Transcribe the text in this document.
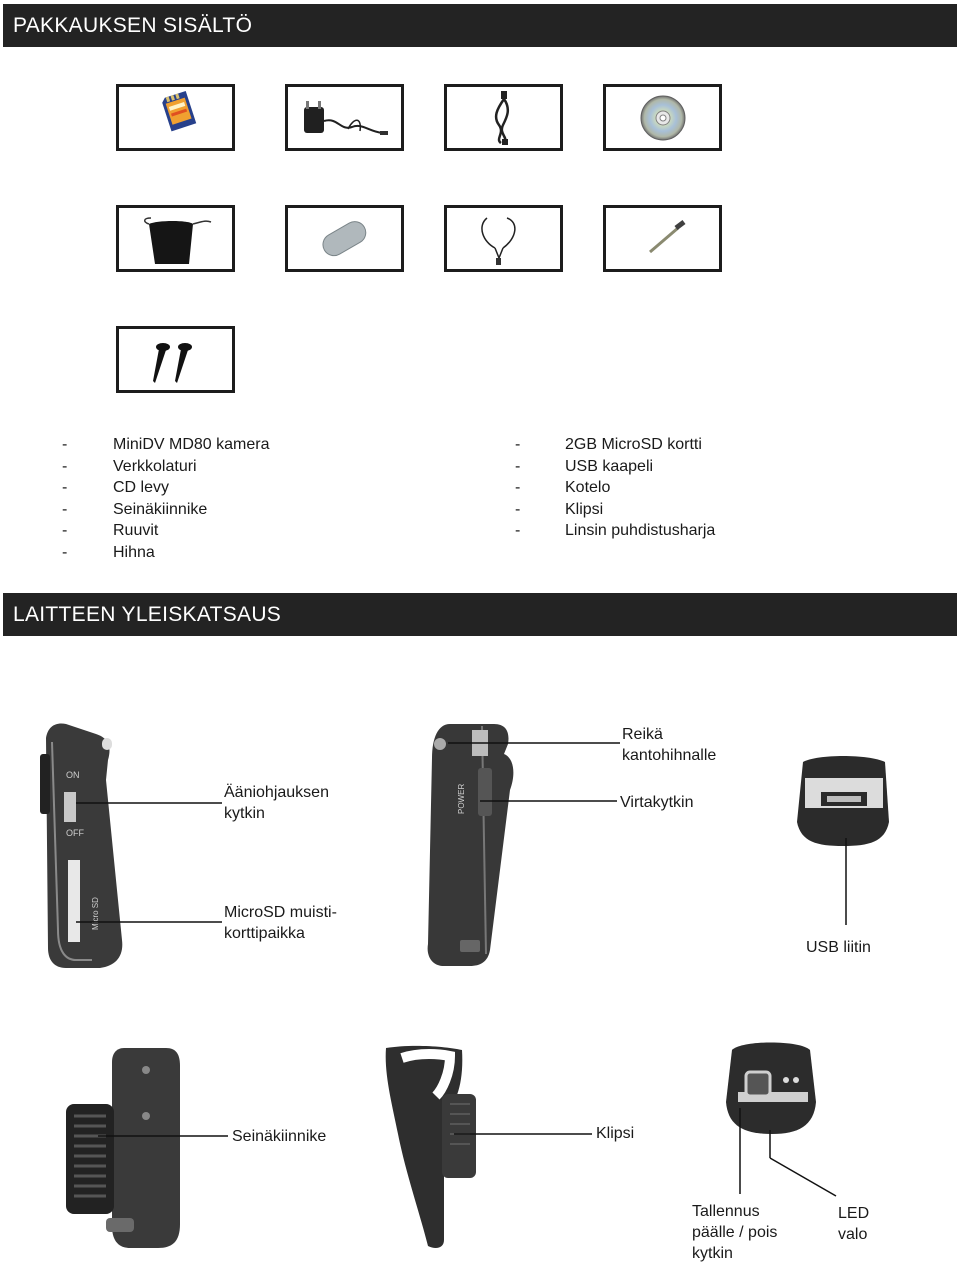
PAKKAUKSEN SISÄLTÖ
-	MiniDV MD80 kamera
-	Verkkolaturi
-	CD levy
-	Seinäkiinnike
-	Ruuvit
-	Hihna
-	2GB MicroSD kortti
-	USB kaapeli
-	Kotelo
-	Klipsi
-	Linsin puhdistusharja
LAITTEEN YLEISKATSAUS
ON
OFF
Micro SD
POWER
Ääniohjauksen
kytkin
MicroSD muisti-
korttipaikka
Reikä
kantohihnalle
Virtakytkin
USB liitin
Seinäkiinnike	Klipsi
Tallennus
päälle / pois
kytkin
LED
valo
